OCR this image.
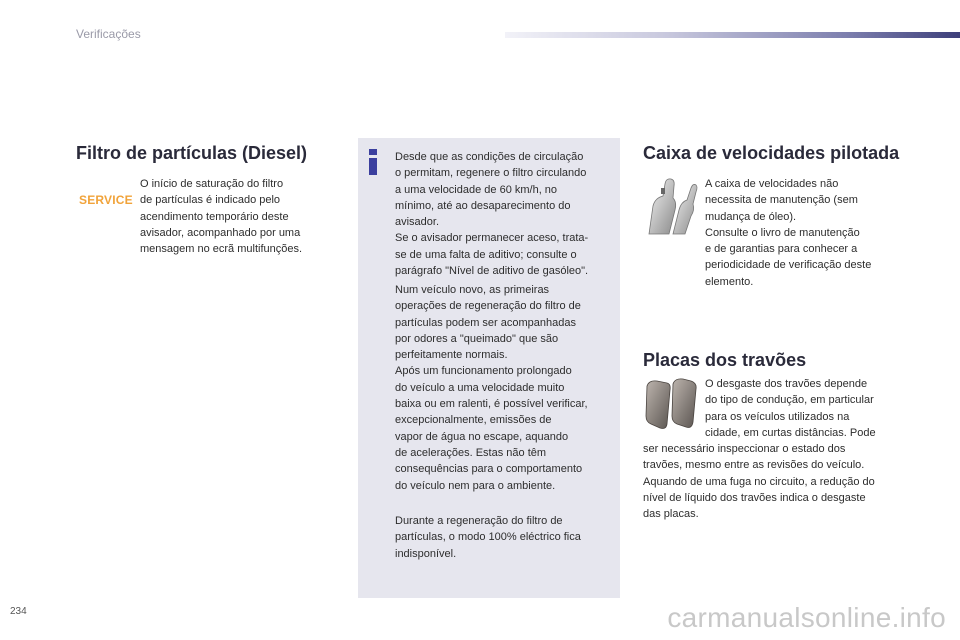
Verificações
Filtro de partículas (Diesel)
SERVICE
O início de saturação do filtro
de partículas é indicado pelo
acendimento temporário deste
avisador, acompanhado por uma
mensagem no ecrã multifunções.
Desde que as condições de circulação
o permitam, regenere o filtro circulando
a uma velocidade de 60 km/h, no
mínimo, até ao desaparecimento do
avisador.
Se o avisador permanecer aceso, trata-
se de uma falta de aditivo; consulte o
parágrafo "Nível de aditivo de gasóleo".
Num veículo novo, as primeiras
operações de regeneração do filtro de
partículas podem ser acompanhadas
por odores a "queimado" que são
perfeitamente normais.
Após um funcionamento prolongado
do veículo a uma velocidade muito
baixa ou em ralenti, é possível verificar,
excepcionalmente, emissões de
vapor de água no escape, aquando
de acelerações. Estas não têm
consequências para o comportamento
do veículo nem para o ambiente.
Durante a regeneração do filtro de
partículas, o modo 100% eléctrico fica
indisponível.
Caixa de velocidades pilotada
A caixa de velocidades não
necessita de manutenção (sem
mudança de óleo).
Consulte o livro de manutenção
e de garantias para conhecer a
periodicidade de verificação deste
elemento.
Placas dos travões
O desgaste dos travões depende
do tipo de condução, em particular
para os veículos utilizados na
cidade, em curtas distâncias. Pode
ser necessário inspeccionar o estado dos
travões, mesmo entre as revisões do veículo.
Aquando de uma fuga no circuito, a redução do
nível de líquido dos travões indica o desgaste
das placas.
234	carmanualsonline.info
